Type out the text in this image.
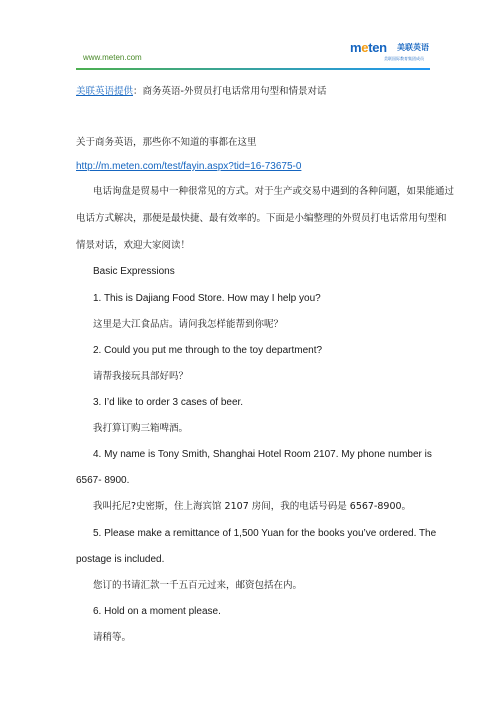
www.meten.com
meten 美联英语
美联国际教育集团成员
美联英语提供：商务英语-外贸员打电话常用句型和情景对话
关于商务英语，那些你不知道的事都在这里
http://m.meten.com/test/fayin.aspx?tid=16-73675-0
电话询盘是贸易中一种很常见的方式。对于生产或交易中遇到的各种问题，如果能通过
电话方式解决，那便是最快捷、最有效率的。下面是小编整理的外贸员打电话常用句型和
情景对话，欢迎大家阅读！
Basic Expressions
1. This is Dajiang Food Store. How may I help you?
这里是大江食品店。请问我怎样能帮到你呢？
2. Could you put me through to the toy department?
请帮我接玩具部好吗？
3. I’d like to order 3 cases of beer.
我打算订购三箱啤酒。
4. My name is Tony Smith, Shanghai Hotel Room 2107. My phone number is
6567- 8900.
我叫托尼?史密斯，住上海宾馆 2107 房间，我的电话号码是 6567-8900。
5. Please make a remittance of 1,500 Yuan for the books you’ve ordered. The
postage is included.
您订的书请汇款一千五百元过来，邮资包括在内。
6. Hold on a moment please.
请稍等。
